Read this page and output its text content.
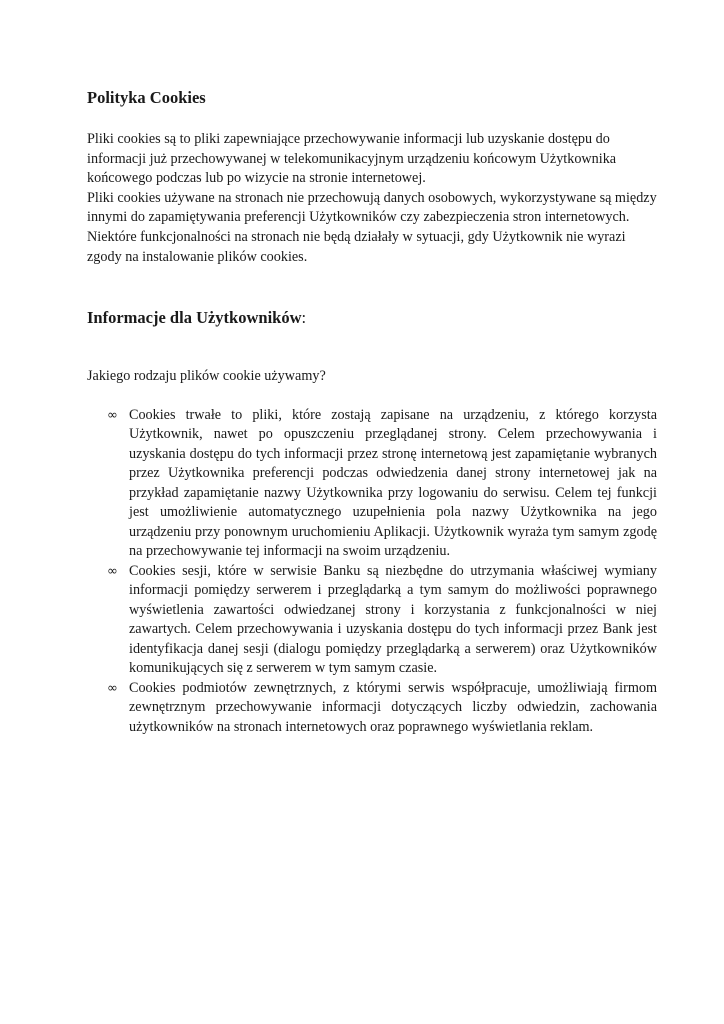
Polityka Cookies

Pliki cookies są to pliki zapewniające przechowywanie informacji lub uzyskanie dostępu do informacji już przechowywanej w telekomunikacyjnym urządzeniu końcowym Użytkownika końcowego podczas lub po wizycie na stronie internetowej.

Pliki cookies używane na stronach nie przechowują danych osobowych, wykorzystywane są między innymi do zapamiętywania preferencji Użytkowników czy zabezpieczenia stron internetowych. Niektóre funkcjonalności na stronach nie będą działały w sytuacji, gdy Użytkownik nie wyrazi zgody na instalowanie plików cookies.

Informacje dla Użytkowników:

Jakiego rodzaju plików cookie używamy?

∞ Cookies trwałe to pliki, które zostają zapisane na urządzeniu, z którego korzysta Użytkownik, nawet po opuszczeniu przeglądanej strony. Celem przechowywania i uzyskania dostępu do tych informacji przez stronę internetową jest zapamiętanie wybranych przez Użytkownika preferencji podczas odwiedzenia danej strony internetowej jak na przykład zapamiętanie nazwy Użytkownika przy logowaniu do serwisu. Celem tej funkcji jest umożliwienie automatycznego uzupełnienia pola nazwy Użytkownika na jego urządzeniu przy ponownym uruchomieniu Aplikacji. Użytkownik wyraża tym samym zgodę na przechowywanie tej informacji na swoim urządzeniu.
∞ Cookies sesji, które w serwisie Banku są niezbędne do utrzymania właściwej wymiany informacji pomiędzy serwerem i przeglądarką a tym samym do możliwości poprawnego wyświetlenia zawartości odwiedzanej strony i korzystania z funkcjonalności w niej zawartych. Celem przechowywania i uzyskania dostępu do tych informacji przez Bank jest identyfikacja danej sesji (dialogu pomiędzy przeglądarką a serwerem) oraz Użytkowników komunikujących się z serwerem w tym samym czasie.
∞ Cookies podmiotów zewnętrznych, z którymi serwis współpracuje, umożliwiają firmom zewnętrznym przechowywanie informacji dotyczących liczby odwiedzin, zachowania użytkowników na stronach internetowych oraz poprawnego wyświetlania reklam.
